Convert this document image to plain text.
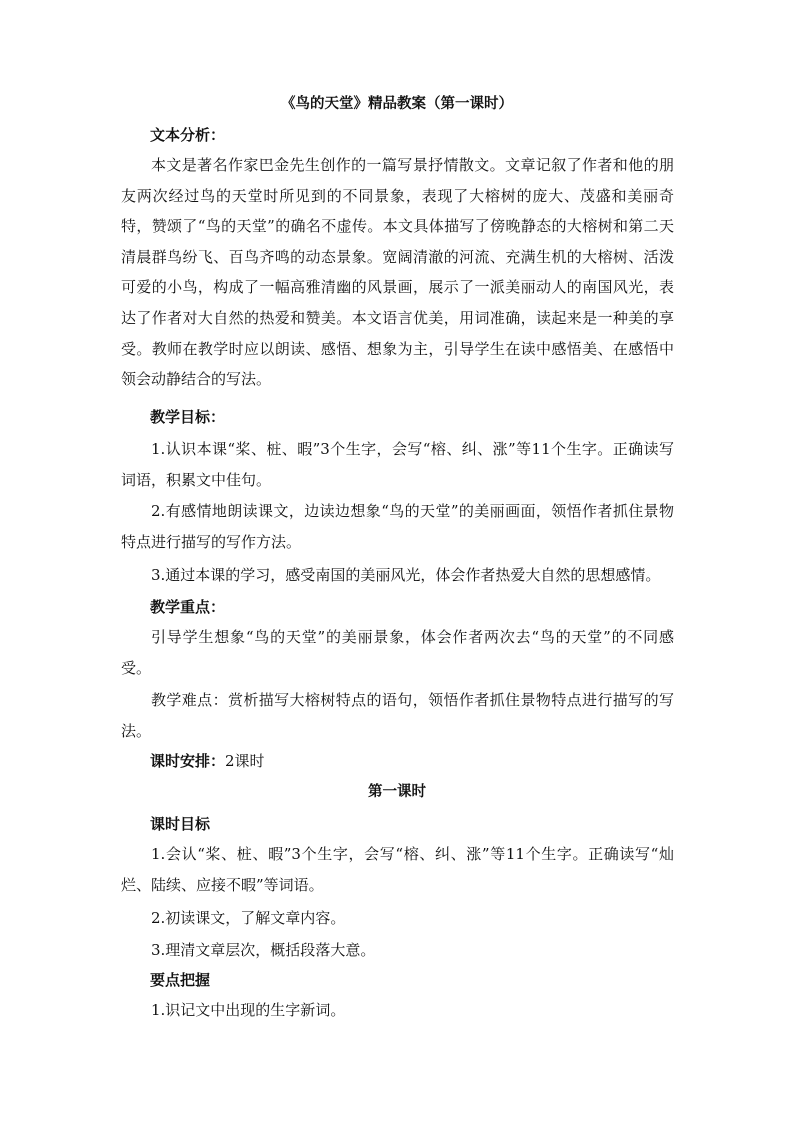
《鸟的天堂》精品教案（第一课时）
文本分析：
本文是著名作家巴金先生创作的一篇写景抒情散文。文章记叙了作者和他的朋友两次经过鸟的天堂时所见到的不同景象，表现了大榕树的庞大、茂盛和美丽奇特，赞颂了“鸟的天堂”的确名不虚传。本文具体描写了傍晚静态的大榕树和第二天清晨群鸟纷飞、百鸟齐鸣的动态景象。宽阔清澈的河流、充满生机的大榕树、活泼可爱的小鸟，构成了一幅高雅清幽的风景画，展示了一派美丽动人的南国风光，表达了作者对大自然的热爱和赞美。本文语言优美，用词准确，读起来是一种美的享受。教师在教学时应以朗读、感悟、想象为主，引导学生在读中感悟美、在感悟中领会动静结合的写法。
教学目标：
1.认识本课“桨、桩、暇”3个生字，会写“榕、纠、涨”等11个生字。正确读写词语，积累文中佳句。
2.有感情地朗读课文，边读边想象“鸟的天堂”的美丽画面，领悟作者抓住景物特点进行描写的写作方法。
3.通过本课的学习，感受南国的美丽风光，体会作者热爱大自然的思想感情。
教学重点：
引导学生想象“鸟的天堂”的美丽景象，体会作者两次去“鸟的天堂”的不同感受。
教学难点：赏析描写大榕树特点的语句，领悟作者抓住景物特点进行描写的写法。
课时安排：2课时
第一课时
课时目标
1.会认“桨、桩、暇”3个生字，会写“榕、纠、涨”等11个生字。正确读写“灿烂、陆续、应接不暇”等词语。
2.初读课文，了解文章内容。
3.理清文章层次，概括段落大意。
要点把握
1.识记文中出现的生字新词。
